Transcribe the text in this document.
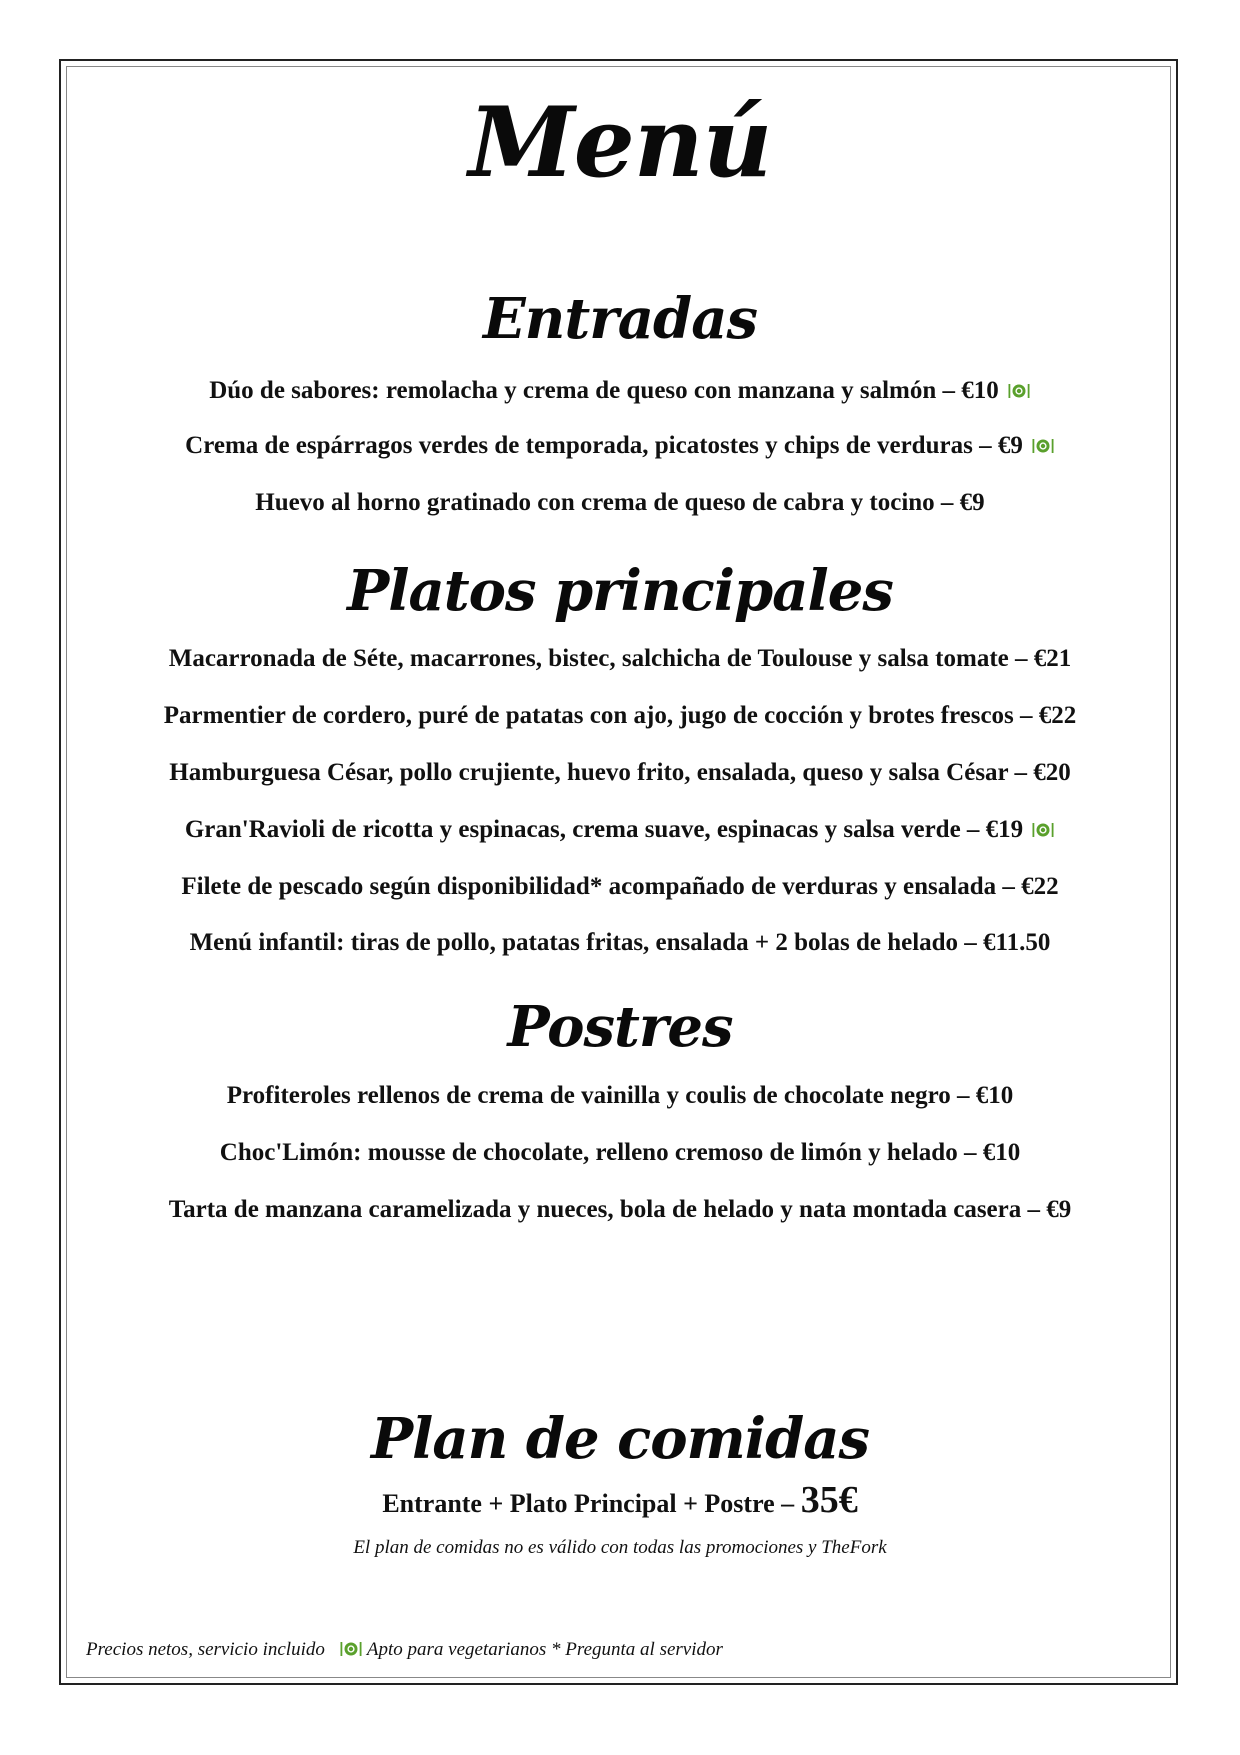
Menú
Entradas
Dúo de sabores: remolacha y crema de queso con manzana y salmón – €10
Crema de espárragos verdes de temporada, picatostes y chips de verduras – €9
Huevo al horno gratinado con crema de queso de cabra y tocino – €9
Platos principales
Macarronada de Séte, macarrones, bistec, salchicha de Toulouse y salsa tomate – €21
Parmentier de cordero, puré de patatas con ajo, jugo de cocción y brotes frescos – €22
Hamburguesa César, pollo crujiente, huevo frito, ensalada, queso y salsa César – €20
Gran'Ravioli de ricotta y espinacas, crema suave, espinacas y salsa verde – €19
Filete de pescado según disponibilidad* acompañado de verduras y ensalada – €22
Menú infantil: tiras de pollo, patatas fritas, ensalada + 2 bolas de helado – €11.50
Postres
Profiteroles rellenos de crema de vainilla y coulis de chocolate negro – €10
Choc'Limón: mousse de chocolate, relleno cremoso de limón y helado – €10
Tarta de manzana caramelizada y nueces, bola de helado y nata montada casera – €9
Plan de comidas
Entrante + Plato Principal + Postre – 35€
El plan de comidas no es válido con todas las promociones y TheFork
Precios netos, servicio incluido Apto para vegetarianos * Pregunta al servidor
